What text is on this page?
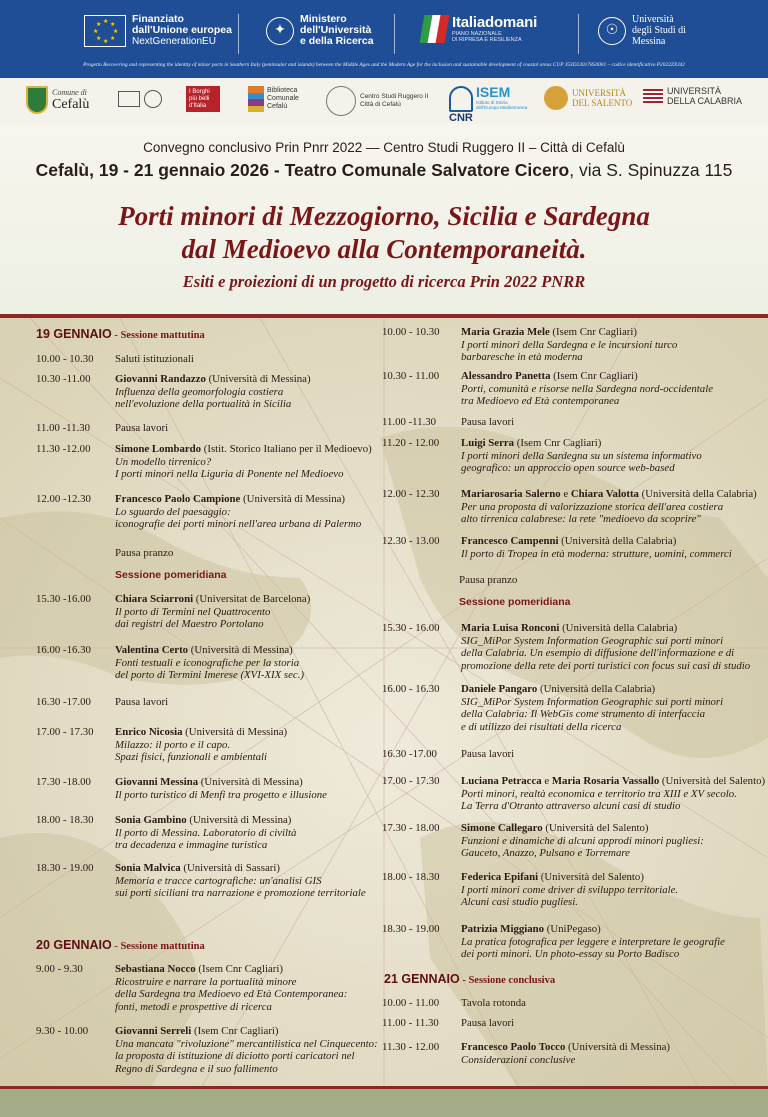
★ ★
★
★
★
★
★
★	Finanziato
dall'Unione europea
NextGenerationEU
✦
Ministero
dell'Università
e della Ricerca
Italiadomani
PIANO NAZIONALE
DI RIPRESA E RESILIENZA
☉
Università
degli Studi di
Messina
Progetto Recovering and representing the identity of minor ports in Southern Italy (peninsular and islands) between the Middle Ages and the Modern Age for the inclusion and sustainable development of coastal areas CUP J53D23017850001 – codice identificativo P2022ZXJ42
Comune di
Cefalù
I Borghi più belli d'Italia
Biblioteca
Comunale
Cefalù
Centro Studi Ruggero II
Città di Cefalù
CNR
ISEM
Istituto di Storia dell'Europa Mediterranea
UNIVERSITÀ
DEL SALENTO
UNIVERSITÀ
DELLA CALABRIA
Convegno conclusivo Prin Pnrr 2022 — Centro Studi Ruggero II – Città di Cefalù
Cefalù, 19 - 21 gennaio 2026 - Teatro Comunale Salvatore Cicero, via S. Spinuzza 115
Porti minori di Mezzogiorno, Sicilia e Sardegna
dal Medioevo alla Contemporaneità.
Esiti e proiezioni di un progetto di ricerca Prin 2022 PNRR
19 GENNAIO - Sessione mattutina
10.00 - 10.30	Saluti istituzionali
10.30 -11.00	Giovanni Randazzo (Università di Messina)
Influenza della geomorfologia costiera
nell'evoluzione della portualità in Sicilia
11.00 -11.30	Pausa lavori
11.30 -12.00	Simone Lombardo (Istit. Storico Italiano per il Medioevo)
Un modello tirrenico?
I porti minori nella Liguria di Ponente nel Medioevo
12.00 -12.30	Francesco Paolo Campione (Università di Messina)
Lo sguardo del paesaggio:
iconografie dei porti minori nell'area urbana di Palermo
Pausa pranzo
Sessione pomeridiana
15.30 -16.00	Chiara Sciarroni (Universitat de Barcelona)
Il porto di Termini nel Quattrocento
dai registri del Maestro Portolano
16.00 -16.30	Valentina Certo (Università di Messina)
Fonti testuali e iconografiche per la storia
del porto di Termini Imerese (XVI-XIX sec.)
16.30 -17.00	Pausa lavori
17.00 - 17.30	Enrico Nicosia (Università di Messina)
Milazzo: il porto e il capo.
Spazi fisici, funzionali e ambientali
17.30 -18.00	Giovanni Messina (Università di Messina)
Il porto turistico di Menfi tra progetto e illusione
18.00 - 18.30	Sonia Gambino (Università di Messina)
Il porto di Messina. Laboratorio di civiltà
tra decadenza e immagine turistica
18.30 - 19.00	Sonia Malvica (Università di Sassari)
Memoria e tracce cartografiche: un'analisi GIS
sui porti siciliani tra narrazione e promozione territoriale
20 GENNAIO - Sessione mattutina
9.00 - 9.30	Sebastiana Nocco (Isem Cnr Cagliari)
Ricostruire e narrare la portualità minore
della Sardegna tra Medioevo ed Età Contemporanea:
fonti, metodi e prospettive di ricerca
9.30 - 10.00	Giovanni Serreli (Isem Cnr Cagliari)
Una mancata "rivoluzione" mercantilistica nel Cinquecento:
la proposta di istituzione di diciotto porti caricatori nel
Regno di Sardegna e il suo fallimento
10.00 - 10.30	Maria Grazia Mele (Isem Cnr Cagliari)
I porti minori della Sardegna e le incursioni turco
barbaresche in età moderna
10.30 - 11.00	Alessandro Panetta (Isem Cnr Cagliari)
Porti, comunità e risorse nella Sardegna nord-occidentale
tra Medioevo ed Età contemporanea
11.00 -11.30	Pausa lavori
11.20 - 12.00	Luigi Serra (Isem Cnr Cagliari)
I porti minori della Sardegna su un sistema informativo
geografico: un approccio open source web-based
12.00 - 12.30	Mariarosaria Salerno e Chiara Valotta (Università della Calabria)
Per una proposta di valorizzazione storica dell'area costiera
alto tirrenica calabrese: la rete "medioevo da scoprire"
12.30 - 13.00	Francesco Campenni (Università della Calabria)
Il porto di Tropea in età moderna: strutture, uomini, commerci
Pausa pranzo
Sessione pomeridiana
15.30 - 16.00	Maria Luisa Ronconi (Università della Calabria)
SIG_MiPor System Information Geographic sui porti minori
della Calabria. Un esempio di diffusione dell'informazione e di
promozione della rete dei porti turistici con focus sui casi di studio
16.00 - 16.30	Daniele Pangaro (Università della Calabria)
SIG_MiPor System Information Geographic sui porti minori
della Calabria: Il WebGis come strumento di interfaccia
e di utilizzo dei risultati della ricerca
16.30 -17.00	Pausa lavori
17.00 - 17.30	Luciana Petracca e Maria Rosaria Vassallo (Università del Salento)
Porti minori, realtà economica e territorio tra XIII e XV secolo.
La Terra d'Otranto attraverso alcuni casi di studio
17.30 - 18.00	Simone Callegaro (Università del Salento)
Funzioni e dinamiche di alcuni approdi minori pugliesi:
Gauceto, Anazzo, Pulsano e Torremare
18.00 - 18.30	Federica Epifani (Università del Salento)
I porti minori come driver di sviluppo territoriale.
Alcuni casi studio pugliesi.
18.30 - 19.00	Patrizia Miggiano (UniPegaso)
La pratica fotografica per leggere e interpretare le geografie
dei porti minori. Un photo-essay su Porto Badisco
21 GENNAIO - Sessione conclusiva
10.00 - 11.00	Tavola rotonda
11.00 - 11.30	Pausa lavori
11.30 - 12.00	Francesco Paolo Tocco (Università di Messina)
Considerazioni conclusive
